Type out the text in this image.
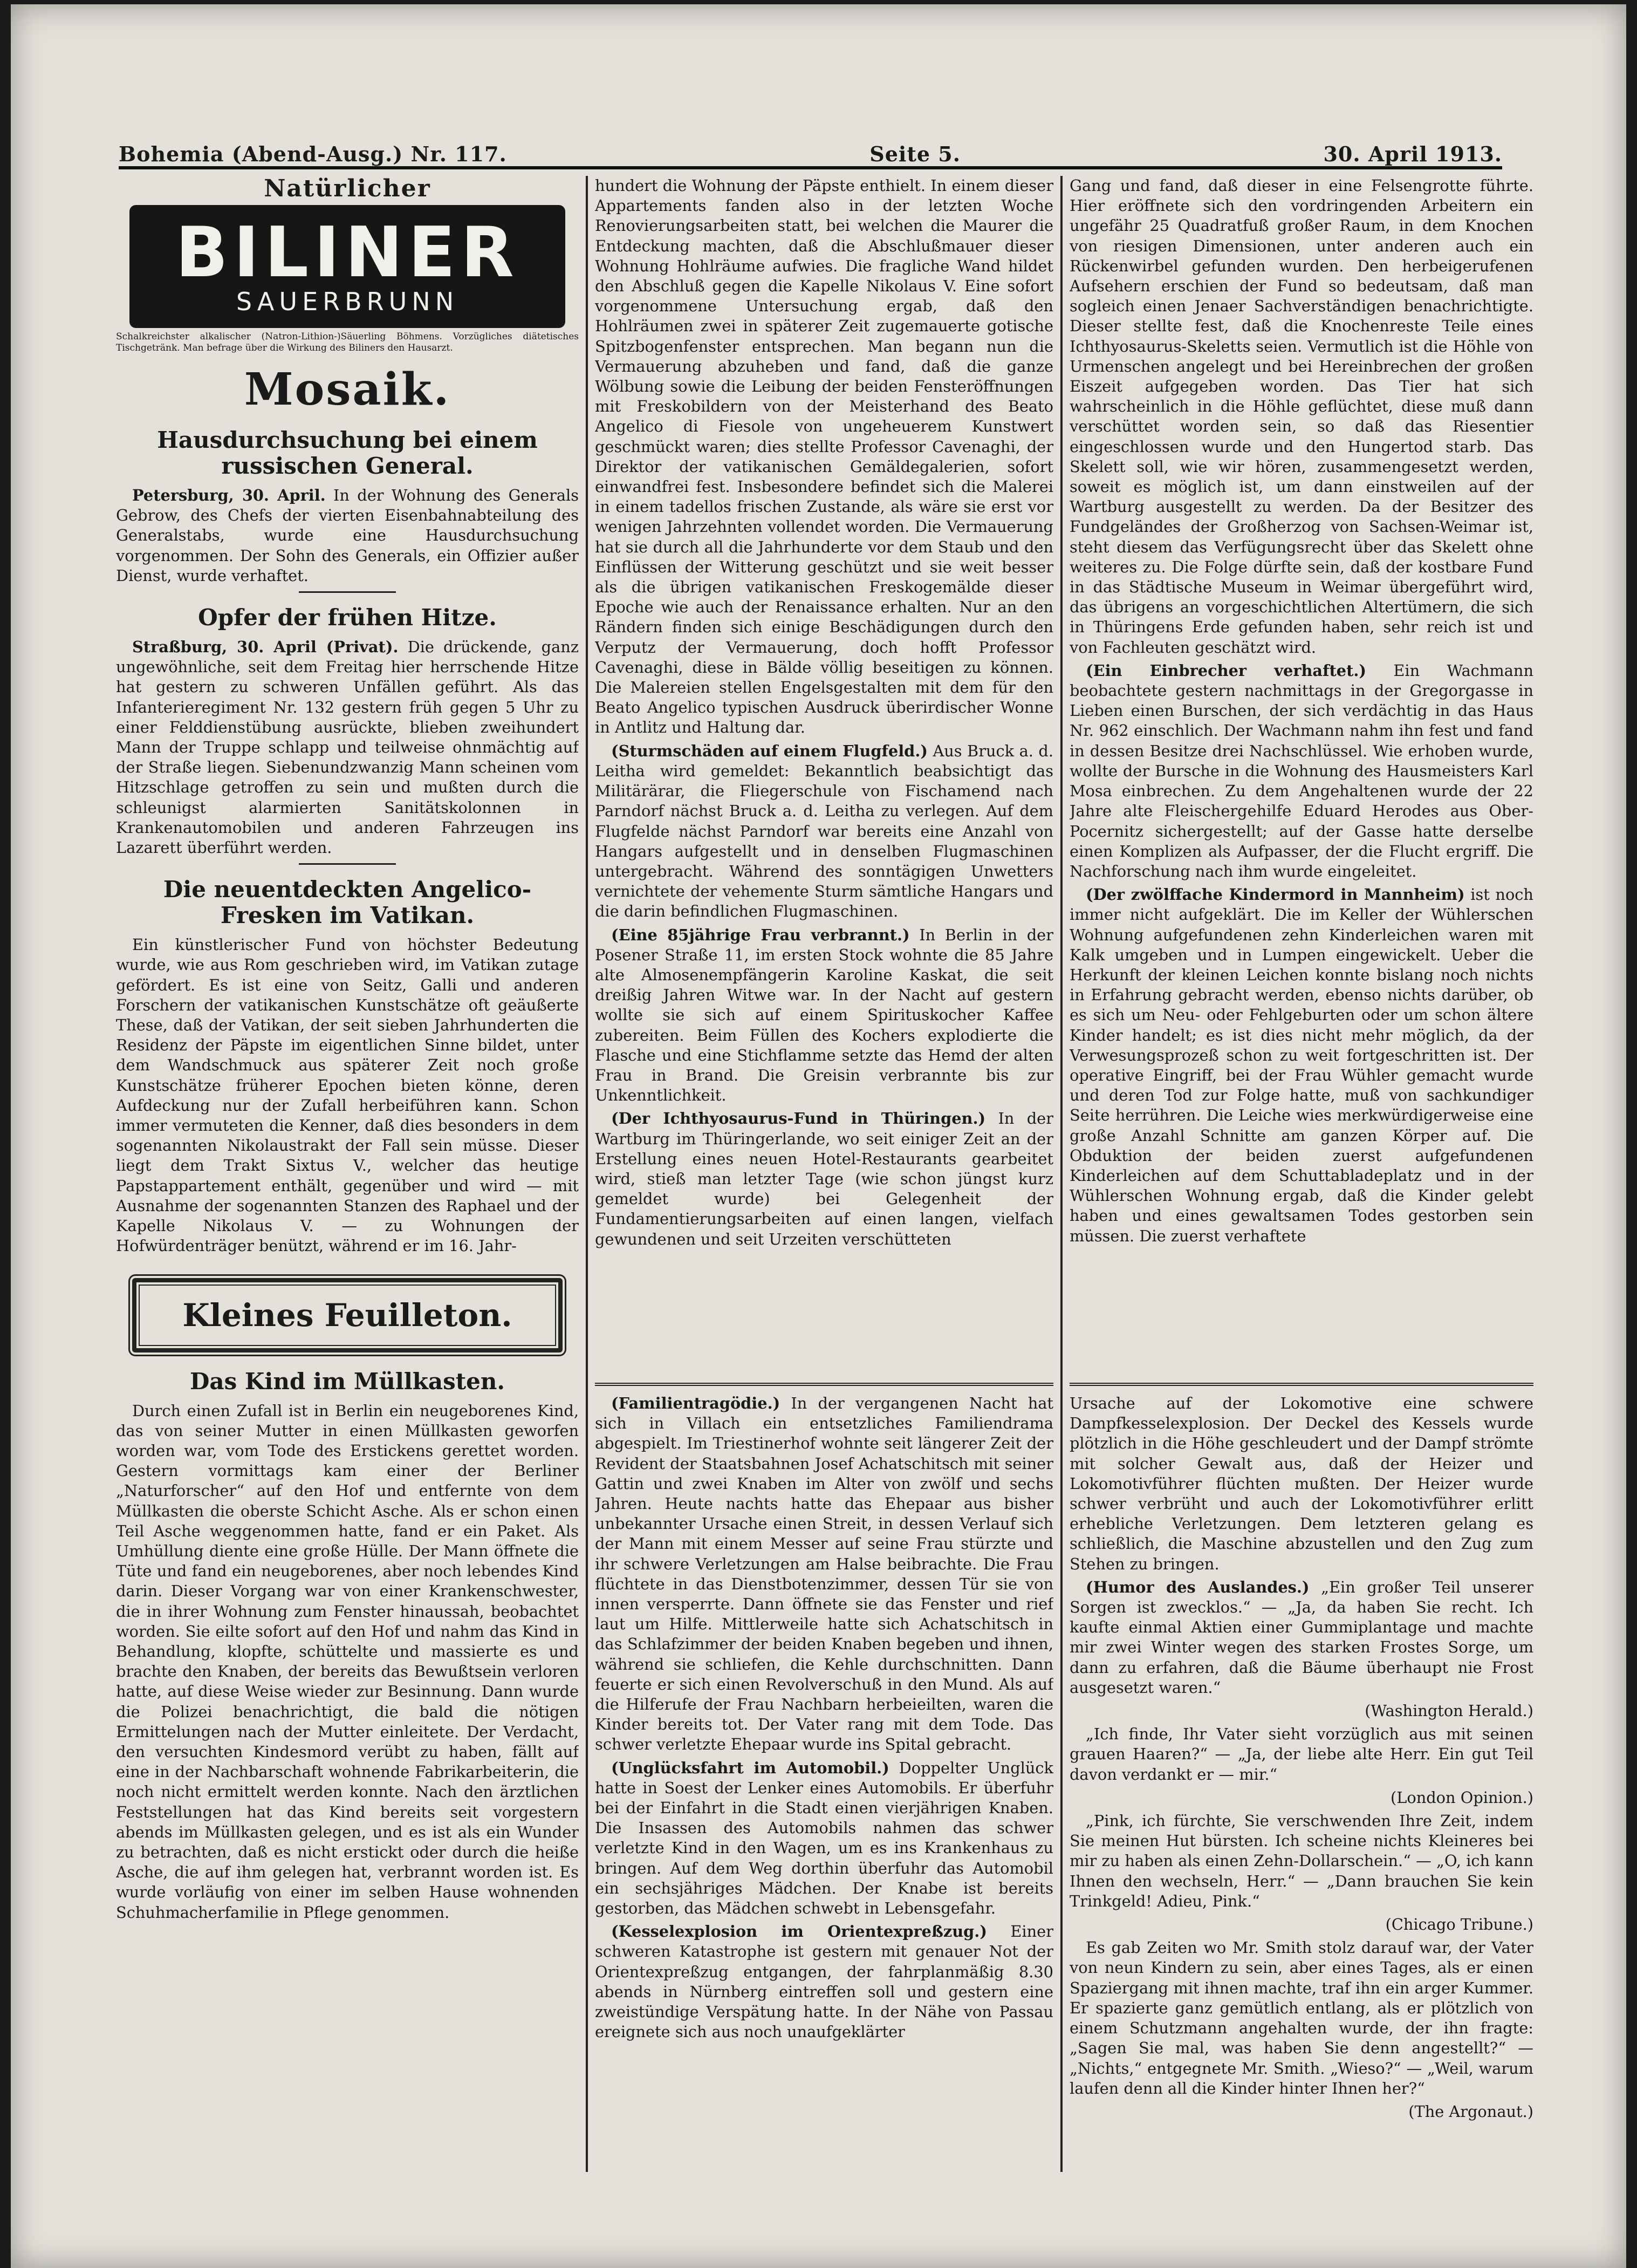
Bohemia (Abend-Ausg.) Nr. 117.	Seite 5.	30. April 1913.
Natürlicher
BILINER
SAUERBRUNN
Schalkreichster alkalischer (Natron-Lithion-)Säuerling Böhmens. Vorzügliches diätetisches Tischgetränk. Man befrage über die Wirkung des Biliners den Hausarzt.
Mosaik.
Hausdurchsuchung bei einem russischen General.

Petersburg, 30. April. In der Wohnung des Generals Gebrow, des Chefs der vierten Eisenbahnabteilung des Generalstabs, wurde eine Hausdurchsuchung vorgenommen. Der Sohn des Generals, ein Offizier außer Dienst, wurde verhaftet.

Opfer der frühen Hitze.

Straßburg, 30. April (Privat). Die drückende, ganz ungewöhnliche, seit dem Freitag hier herrschende Hitze hat gestern zu schweren Unfällen geführt. Als das Infanterieregiment Nr. 132 gestern früh gegen 5 Uhr zu einer Felddienstübung ausrückte, blieben zweihundert Mann der Truppe schlapp und teilweise ohnmächtig auf der Straße liegen. Siebenundzwanzig Mann scheinen vom Hitzschlage getroffen zu sein und mußten durch die schleunigst alarmierten Sanitätskolonnen in Krankenautomobilen und anderen Fahrzeugen ins Lazarett überführt werden.

Die neuentdeckten Angelico-Fresken im Vatikan.

Ein künstlerischer Fund von höchster Bedeutung wurde, wie aus Rom geschrieben wird, im Vatikan zutage gefördert. Es ist eine von Seitz, Galli und anderen Forschern der vatikanischen Kunstschätze oft geäußerte These, daß der Vatikan, der seit sieben Jahrhunderten die Residenz der Päpste im eigentlichen Sinne bildet, unter dem Wandschmuck aus späterer Zeit noch große Kunstschätze früherer Epochen bieten könne, deren Aufdeckung nur der Zufall herbeiführen kann. Schon immer vermuteten die Kenner, daß dies besonders in dem sogenannten Nikolaustrakt der Fall sein müsse. Dieser liegt dem Trakt Sixtus V., welcher das heutige Papstappartement enthält, gegenüber und wird — mit Ausnahme der sogenannten Stanzen des Raphael und der Kapelle Nikolaus V. — zu Wohnungen der Hofwürdenträger benützt, während er im 16. Jahr-

Kleines Feuilleton.
Das Kind im Müllkasten.

Durch einen Zufall ist in Berlin ein neugeborenes Kind, das von seiner Mutter in einen Müllkasten geworfen worden war, vom Tode des Erstickens gerettet worden. Gestern vormittags kam einer der Berliner „Naturforscher“ auf den Hof und entfernte von dem Müllkasten die oberste Schicht Asche. Als er schon einen Teil Asche weggenommen hatte, fand er ein Paket. Als Umhüllung diente eine große Hülle. Der Mann öffnete die Tüte und fand ein neugeborenes, aber noch lebendes Kind darin. Dieser Vorgang war von einer Krankenschwester, die in ihrer Wohnung zum Fenster hinaussah, beobachtet worden. Sie eilte sofort auf den Hof und nahm das Kind in Behandlung, klopfte, schüttelte und massierte es und brachte den Knaben, der bereits das Bewußtsein verloren hatte, auf diese Weise wieder zur Besinnung. Dann wurde die Polizei benachrichtigt, die bald die nötigen Ermittelungen nach der Mutter einleitete. Der Verdacht, den versuchten Kindesmord verübt zu haben, fällt auf eine in der Nachbarschaft wohnende Fabrikarbeiterin, die noch nicht ermittelt werden konnte. Nach den ärztlichen Feststellungen hat das Kind bereits seit vorgestern abends im Müllkasten gelegen, und es ist als ein Wunder zu betrachten, daß es nicht erstickt oder durch die heiße Asche, die auf ihm gelegen hat, verbrannt worden ist. Es wurde vorläufig von einer im selben Hause wohnenden Schuhmacherfamilie in Pflege genommen.

hundert die Wohnung der Päpste enthielt. In einem dieser Appartements fanden also in der letzten Woche Renovierungsarbeiten statt, bei welchen die Maurer die Entdeckung machten, daß die Abschlußmauer dieser Wohnung Hohlräume aufwies. Die fragliche Wand hildet den Abschluß gegen die Kapelle Nikolaus V. Eine sofort vorgenommene Untersuchung ergab, daß den Hohlräumen zwei in späterer Zeit zugemauerte gotische Spitzbogenfenster entsprechen. Man begann nun die Vermauerung abzuheben und fand, daß die ganze Wölbung sowie die Leibung der beiden Fensteröffnungen mit Freskobildern von der Meisterhand des Beato Angelico di Fiesole von ungeheuerem Kunstwert geschmückt waren; dies stellte Professor Cavenaghi, der Direktor der vatikanischen Gemäldegalerien, sofort einwandfrei fest. Insbesondere befindet sich die Malerei in einem tadellos frischen Zustande, als wäre sie erst vor wenigen Jahrzehnten vollendet worden. Die Vermauerung hat sie durch all die Jahrhunderte vor dem Staub und den Einflüssen der Witterung geschützt und sie weit besser als die übrigen vatikanischen Freskogemälde dieser Epoche wie auch der Renaissance erhalten. Nur an den Rändern finden sich einige Beschädigungen durch den Verputz der Vermauerung, doch hofft Professor Cavenaghi, diese in Bälde völlig beseitigen zu können. Die Malereien stellen Engelsgestalten mit dem für den Beato Angelico typischen Ausdruck überirdischer Wonne in Antlitz und Haltung dar.

(Sturmschäden auf einem Flugfeld.) Aus Bruck a. d. Leitha wird gemeldet: Bekanntlich beabsichtigt das Militärärar, die Fliegerschule von Fischamend nach Parndorf nächst Bruck a. d. Leitha zu verlegen. Auf dem Flugfelde nächst Parndorf war bereits eine Anzahl von Hangars aufgestellt und in denselben Flugmaschinen untergebracht. Während des sonntägigen Unwetters vernichtete der vehemente Sturm sämtliche Hangars und die darin befindlichen Flugmaschinen.

(Eine 85jährige Frau verbrannt.) In Berlin in der Posener Straße 11, im ersten Stock wohnte die 85 Jahre alte Almosenempfängerin Karoline Kaskat, die seit dreißig Jahren Witwe war. In der Nacht auf gestern wollte sie sich auf einem Spirituskocher Kaffee zubereiten. Beim Füllen des Kochers explodierte die Flasche und eine Stichflamme setzte das Hemd der alten Frau in Brand. Die Greisin verbrannte bis zur Unkenntlichkeit.

(Der Ichthyosaurus-Fund in Thüringen.) In der Wartburg im Thüringerlande, wo seit einiger Zeit an der Erstellung eines neuen Hotel-Restaurants gearbeitet wird, stieß man letzter Tage (wie schon jüngst kurz gemeldet wurde) bei Gelegenheit der Fundamentierungsarbeiten auf einen langen, vielfach gewundenen und seit Urzeiten verschütteten

(Familientragödie.) In der vergangenen Nacht hat sich in Villach ein entsetzliches Familiendrama abgespielt. Im Triestinerhof wohnte seit längerer Zeit der Revident der Staatsbahnen Josef Achatschitsch mit seiner Gattin und zwei Knaben im Alter von zwölf und sechs Jahren. Heute nachts hatte das Ehepaar aus bisher unbekannter Ursache einen Streit, in dessen Verlauf sich der Mann mit einem Messer auf seine Frau stürzte und ihr schwere Verletzungen am Halse beibrachte. Die Frau flüchtete in das Dienstbotenzimmer, dessen Tür sie von innen versperrte. Dann öffnete sie das Fenster und rief laut um Hilfe. Mittlerweile hatte sich Achatschitsch in das Schlafzimmer der beiden Knaben begeben und ihnen, während sie schliefen, die Kehle durchschnitten. Dann feuerte er sich einen Revolverschuß in den Mund. Als auf die Hilferufe der Frau Nachbarn herbeieilten, waren die Kinder bereits tot. Der Vater rang mit dem Tode. Das schwer verletzte Ehepaar wurde ins Spital gebracht.

(Unglücksfahrt im Automobil.) Doppelter Unglück hatte in Soest der Lenker eines Automobils. Er überfuhr bei der Einfahrt in die Stadt einen vierjährigen Knaben. Die Insassen des Automobils nahmen das schwer verletzte Kind in den Wagen, um es ins Krankenhaus zu bringen. Auf dem Weg dorthin überfuhr das Automobil ein sechsjähriges Mädchen. Der Knabe ist bereits gestorben, das Mädchen schwebt in Lebensgefahr.

(Kesselexplosion im Orientexpreßzug.) Einer schweren Katastrophe ist gestern mit genauer Not der Orientexpreßzug entgangen, der fahrplanmäßig 8.30 abends in Nürnberg eintreffen soll und gestern eine zweistündige Verspätung hatte. In der Nähe von Passau ereignete sich aus noch unaufgeklärter

Gang und fand, daß dieser in eine Felsengrotte führte. Hier eröffnete sich den vordringenden Arbeitern ein ungefähr 25 Quadratfuß großer Raum, in dem Knochen von riesigen Dimensionen, unter anderen auch ein Rückenwirbel gefunden wurden. Den herbeigerufenen Aufsehern erschien der Fund so bedeutsam, daß man sogleich einen Jenaer Sachverständigen benachrichtigte. Dieser stellte fest, daß die Knochenreste Teile eines Ichthyosaurus-Skeletts seien. Vermutlich ist die Höhle von Urmenschen angelegt und bei Hereinbrechen der großen Eiszeit aufgegeben worden. Das Tier hat sich wahrscheinlich in die Höhle geflüchtet, diese muß dann verschüttet worden sein, so daß das Riesentier eingeschlossen wurde und den Hungertod starb. Das Skelett soll, wie wir hören, zusammengesetzt werden, soweit es möglich ist, um dann einstweilen auf der Wartburg ausgestellt zu werden. Da der Besitzer des Fundgeländes der Großherzog von Sachsen-Weimar ist, steht diesem das Verfügungsrecht über das Skelett ohne weiteres zu. Die Folge dürfte sein, daß der kostbare Fund in das Städtische Museum in Weimar übergeführt wird, das übrigens an vorgeschichtlichen Altertümern, die sich in Thüringens Erde gefunden haben, sehr reich ist und von Fachleuten geschätzt wird.

(Ein Einbrecher verhaftet.) Ein Wachmann beobachtete gestern nachmittags in der Gregorgasse in Lieben einen Burschen, der sich verdächtig in das Haus Nr. 962 einschlich. Der Wachmann nahm ihn fest und fand in dessen Besitze drei Nachschlüssel. Wie erhoben wurde, wollte der Bursche in die Wohnung des Hausmeisters Karl Mosa einbrechen. Zu dem Angehaltenen wurde der 22 Jahre alte Fleischergehilfe Eduard Herodes aus Ober-Pocernitz sichergestellt; auf der Gasse hatte derselbe einen Komplizen als Aufpasser, der die Flucht ergriff. Die Nachforschung nach ihm wurde eingeleitet.

(Der zwölffache Kindermord in Mannheim) ist noch immer nicht aufgeklärt. Die im Keller der Wühlerschen Wohnung aufgefundenen zehn Kinderleichen waren mit Kalk umgeben und in Lumpen eingewickelt. Ueber die Herkunft der kleinen Leichen konnte bislang noch nichts in Erfahrung gebracht werden, ebenso nichts darüber, ob es sich um Neu- oder Fehlgeburten oder um schon ältere Kinder handelt; es ist dies nicht mehr möglich, da der Verwesungsprozeß schon zu weit fortgeschritten ist. Der operative Eingriff, bei der Frau Wühler gemacht wurde und deren Tod zur Folge hatte, muß von sachkundiger Seite herrühren. Die Leiche wies merkwürdigerweise eine große Anzahl Schnitte am ganzen Körper auf. Die Obduktion der beiden zuerst aufgefundenen Kinderleichen auf dem Schuttabladeplatz und in der Wühlerschen Wohnung ergab, daß die Kinder gelebt haben und eines gewaltsamen Todes gestorben sein müssen. Die zuerst verhaftete

Ursache auf der Lokomotive eine schwere Dampfkesselexplosion. Der Deckel des Kessels wurde plötzlich in die Höhe geschleudert und der Dampf strömte mit solcher Gewalt aus, daß der Heizer und Lokomotivführer flüchten mußten. Der Heizer wurde schwer verbrüht und auch der Lokomotivführer erlitt erhebliche Verletzungen. Dem letzteren gelang es schließlich, die Maschine abzustellen und den Zug zum Stehen zu bringen.

(Humor des Auslandes.) „Ein großer Teil unserer Sorgen ist zwecklos.“ — „Ja, da haben Sie recht. Ich kaufte einmal Aktien einer Gummiplantage und machte mir zwei Winter wegen des starken Frostes Sorge, um dann zu erfahren, daß die Bäume überhaupt nie Frost ausgesetzt waren.“

(Washington Herald.)

„Ich finde, Ihr Vater sieht vorzüglich aus mit seinen grauen Haaren?“ — „Ja, der liebe alte Herr. Ein gut Teil davon verdankt er — mir.“

(London Opinion.)

„Pink, ich fürchte, Sie verschwenden Ihre Zeit, indem Sie meinen Hut bürsten. Ich scheine nichts Kleineres bei mir zu haben als einen Zehn-Dollarschein.“ — „O, ich kann Ihnen den wechseln, Herr.“ — „Dann brauchen Sie kein Trinkgeld! Adieu, Pink.“

(Chicago Tribune.)

Es gab Zeiten wo Mr. Smith stolz darauf war, der Vater von neun Kindern zu sein, aber eines Tages, als er einen Spaziergang mit ihnen machte, traf ihn ein arger Kummer. Er spazierte ganz gemütlich entlang, als er plötzlich von einem Schutzmann angehalten wurde, der ihn fragte: „Sagen Sie mal, was haben Sie denn angestellt?“ — „Nichts,“ entgegnete Mr. Smith. „Wieso?“ — „Weil, warum laufen denn all die Kinder hinter Ihnen her?“

(The Argonaut.)
